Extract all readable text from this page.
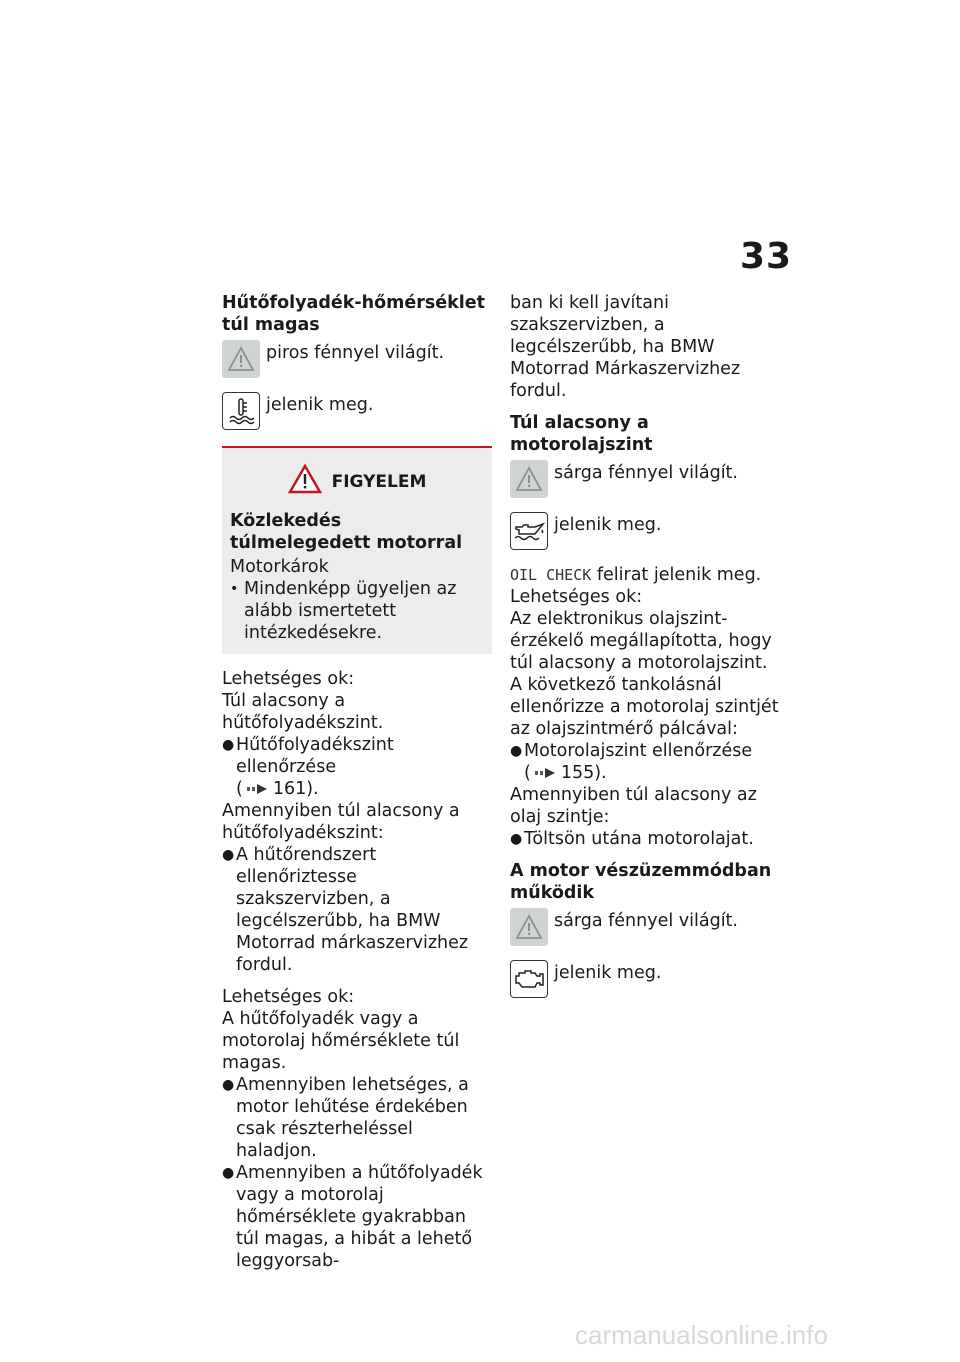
33
Hűtőfolyadék-hőmérséklet túl magas
piros fénnyel világít.
jelenik meg.
FIGYELEM
Közlekedés túlmelegedett motorral
Motorkárok
• Mindenképp ügyeljen az alább ismertetett intézkedésekre.

Lehetséges ok:

Túl alacsony a hűtőfolyadékszint.

● Hűtőfolyadékszint ellenőrzése
( 161).

Amennyiben túl alacsony a hűtőfolyadékszint:

● A hűtőrendszert ellenőriztesse szakszervizben, a legcélszerűbb, ha BMW Motorrad márkaszervizhez fordul.

Lehetséges ok:

A hűtőfolyadék vagy a motorolaj hőmérséklete túl magas.

● Amennyiben lehetséges, a motor lehűtése érdekében csak részterheléssel haladjon.
● Amennyiben a hűtőfolyadék vagy a motorolaj hőmérséklete gyakrabban túl magas, a hibát a lehető leggyorsab-

ban ki kell javítani szakszervizben, a legcélszerűbb, ha BMW Motorrad Márkaszervizhez fordul.

Túl alacsony a motorolajszint
sárga fénnyel világít.
jelenik meg.

OIL CHECK felirat jelenik meg.

Lehetséges ok:

Az elektronikus olajszint-érzékelő megállapította, hogy túl alacsony a motorolajszint. A következő tankolásnál ellenőrizze a motorolaj szintjét az olajszintmérő pálcával:

● Motorolajszint ellenőrzése
( 155).

Amennyiben túl alacsony az olaj szintje:

● Töltsön utána motorolajat.
A motor vészüzemmódban működik
sárga fénnyel világít.
jelenik meg.
carmanualsonline.info
